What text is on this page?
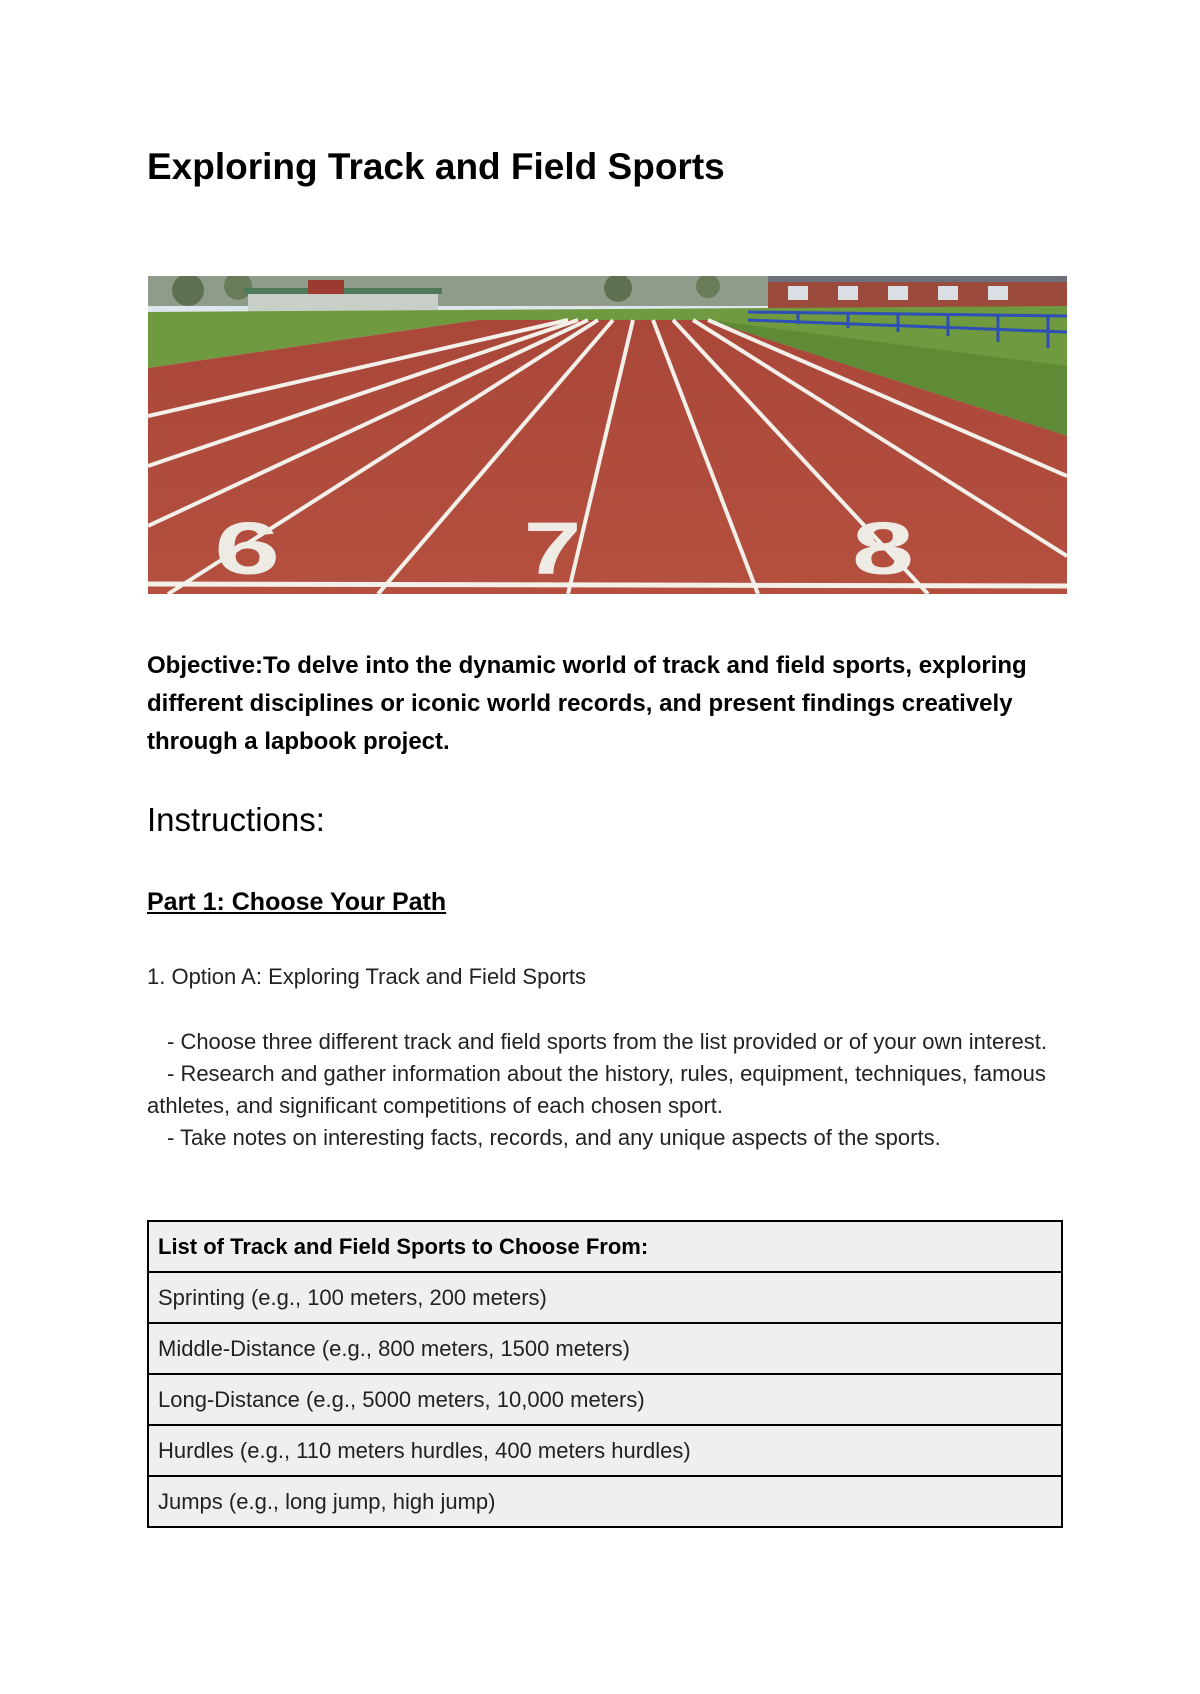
Exploring Track and Field Sports
6	7	8

Objective:To delve into the dynamic world of track and field sports, exploring different disciplines or iconic world records, and present findings creatively through a lapbook project.

Instructions:
Part 1: Choose Your Path

1. Option A: Exploring Track and Field Sports

- Choose three different track and field sports from the list provided or of your own interest.
- Research and gather information about the history, rules, equipment, techniques, famous athletes, and significant competitions of each chosen sport.
- Take notes on interesting facts, records, and any unique aspects of the sports.
List of Track and Field Sports to Choose From:
Sprinting (e.g., 100 meters, 200 meters)
Middle-Distance (e.g., 800 meters, 1500 meters)
Long-Distance (e.g., 5000 meters, 10,000 meters)
Hurdles (e.g., 110 meters hurdles, 400 meters hurdles)
Jumps (e.g., long jump, high jump)
